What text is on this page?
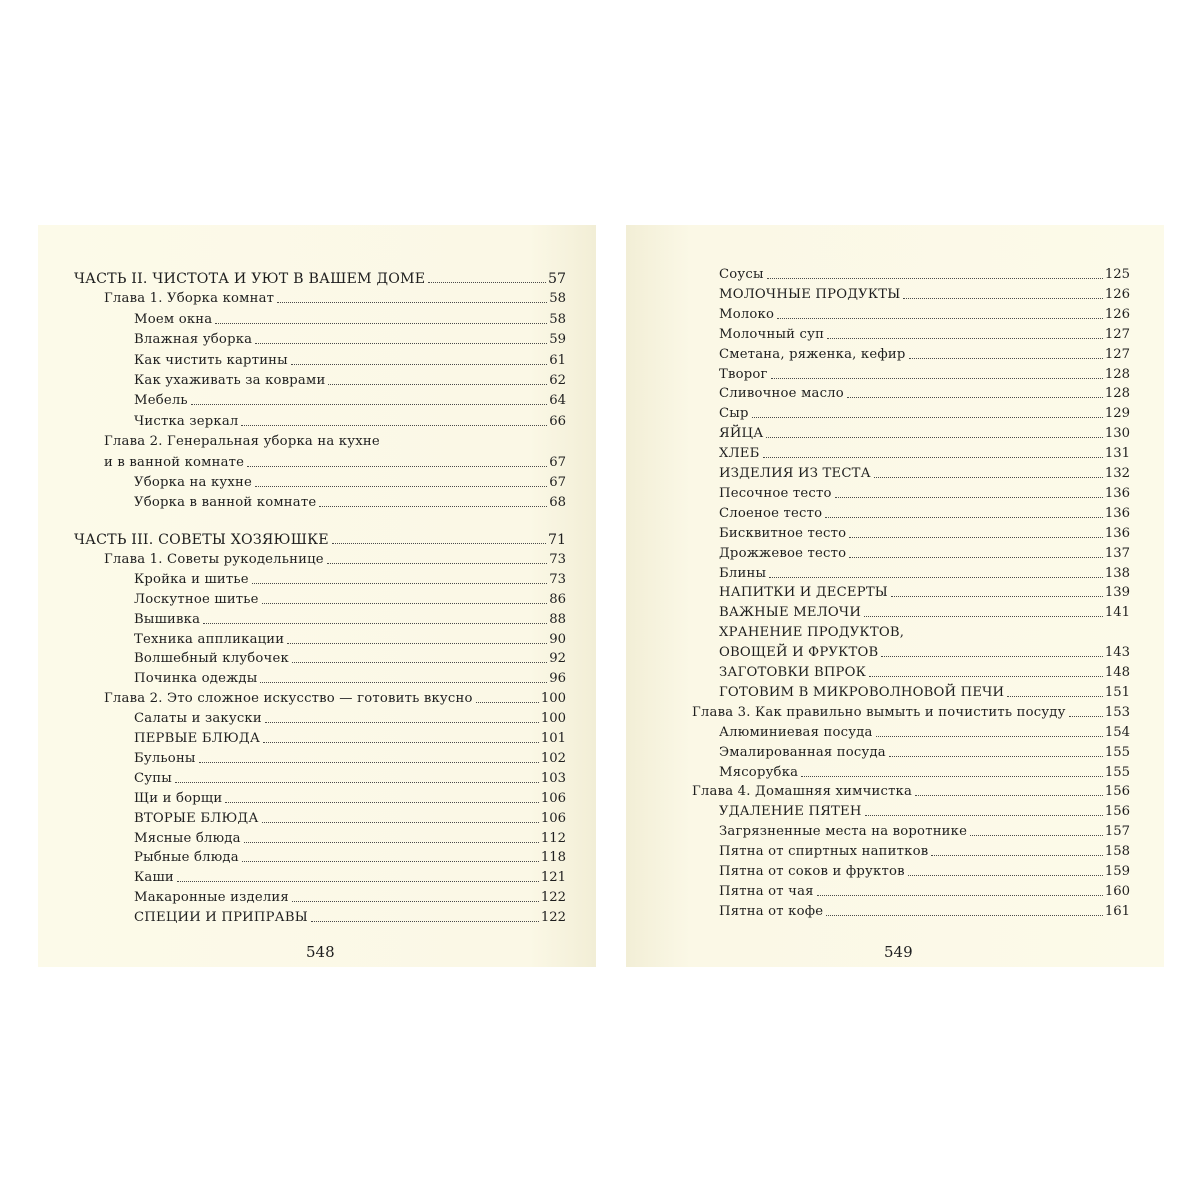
ЧАСТЬ II. ЧИСТОТА И УЮТ В ВАШЕМ ДОМЕ	57
Глава 1. Уборка комнат	58
Моем окна	58
Влажная уборка	59
Как чистить картины	61
Как ухаживать за коврами	62
Мебель	64
Чистка зеркал	66
Глава 2. Генеральная уборка на кухне
и в ванной комнате	67
Уборка на кухне	67
Уборка в ванной комнате	68
ЧАСТЬ III. СОВЕТЫ ХОЗЯЮШКЕ	71
Глава 1. Советы рукодельнице	73
Кройка и шитье	73
Лоскутное шитье	86
Вышивка	88
Техника аппликации	90
Волшебный клубочек	92
Починка одежды	96
Глава 2. Это сложное искусство — готовить вкусно	100
Салаты и закуски	100
ПЕРВЫЕ БЛЮДА	101
Бульоны	102
Супы	103
Щи и борщи	106
ВТОРЫЕ БЛЮДА	106
Мясные блюда	112
Рыбные блюда	118
Каши	121
Макаронные изделия	122
СПЕЦИИ И ПРИПРАВЫ	122
548
Соусы	125
МОЛОЧНЫЕ ПРОДУКТЫ	126
Молоко	126
Молочный суп	127
Сметана, ряженка, кефир	127
Творог	128
Сливочное масло	128
Сыр	129
ЯЙЦА	130
ХЛЕБ	131
ИЗДЕЛИЯ ИЗ ТЕСТА	132
Песочное тесто	136
Слоеное тесто	136
Бисквитное тесто	136
Дрожжевое тесто	137
Блины	138
НАПИТКИ И ДЕСЕРТЫ	139
ВАЖНЫЕ МЕЛОЧИ	141
ХРАНЕНИЕ ПРОДУКТОВ,
ОВОЩЕЙ И ФРУКТОВ	143
ЗАГОТОВКИ ВПРОК	148
ГОТОВИМ В МИКРОВОЛНОВОЙ ПЕЧИ	151
Глава 3. Как правильно вымыть и почистить посуду	153
Алюминиевая посуда	154
Эмалированная посуда	155
Мясорубка	155
Глава 4. Домашняя химчистка	156
УДАЛЕНИЕ ПЯТЕН	156
Загрязненные места на воротнике	157
Пятна от спиртных напитков	158
Пятна от соков и фруктов	159
Пятна от чая	160
Пятна от кофе	161
549
